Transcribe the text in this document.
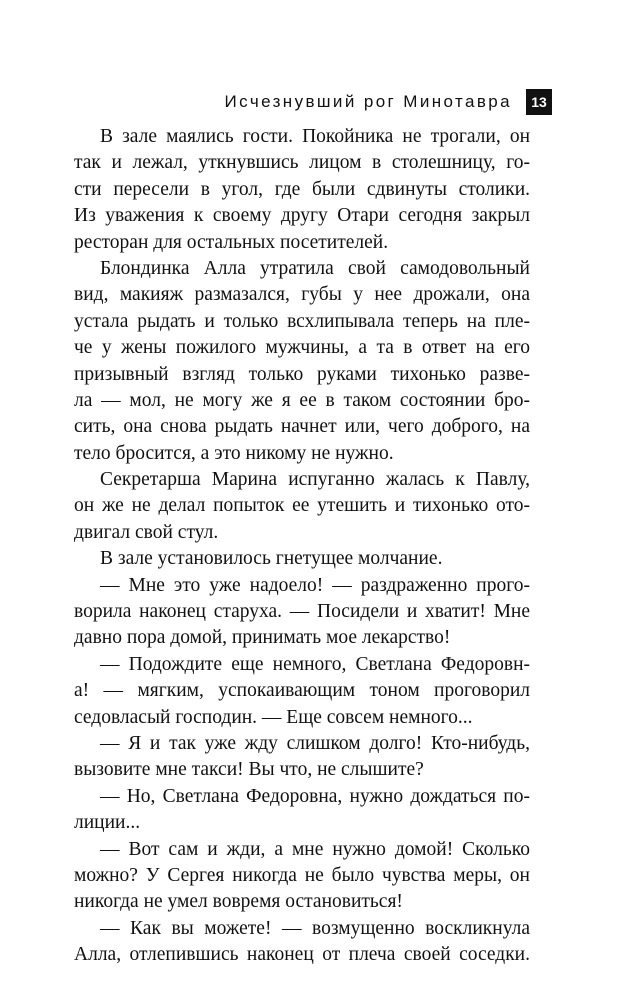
Исчезнувший рог Минотавра	13
В зале маялись гости. Покойника не трогали, он
так и лежал, уткнувшись лицом в столешницу, го-
сти пересели в угол, где были сдвинуты столики.
Из уважения к своему другу Отари сегодня закрыл
ресторан для остальных посетителей.
Блондинка Алла утратила свой самодовольный
вид, макияж размазался, губы у нее дрожали, она
устала рыдать и только всхлипывала теперь на пле-
че у жены пожилого мужчины, а та в ответ на его
призывный взгляд только руками тихонько разве-
ла — мол, не могу же я ее в таком состоянии бро-
сить, она снова рыдать начнет или, чего доброго, на
тело бросится, а это никому не нужно.
Секретарша Марина испуганно жалась к Павлу,
он же не делал попыток ее утешить и тихонько ото-
двигал свой стул.
В зале установилось гнетущее молчание.
— Мне это уже надоело! — раздраженно прого-
ворила наконец старуха. — Посидели и хватит! Мне
давно пора домой, принимать мое лекарство!
— Подождите еще немного, Светлана Федоровн-
а! — мягким, успокаивающим тоном проговорил
седовласый господин. — Еще совсем немного...
— Я и так уже жду слишком долго! Кто-нибудь,
вызовите мне такси! Вы что, не слышите?
— Но, Светлана Федоровна, нужно дождаться по-
лиции...
— Вот сам и жди, а мне нужно домой! Сколько
можно? У Сергея никогда не было чувства меры, он
никогда не умел вовремя остановиться!
— Как вы можете! — возмущенно воскликнула
Алла, отлепившись наконец от плеча своей соседки.
